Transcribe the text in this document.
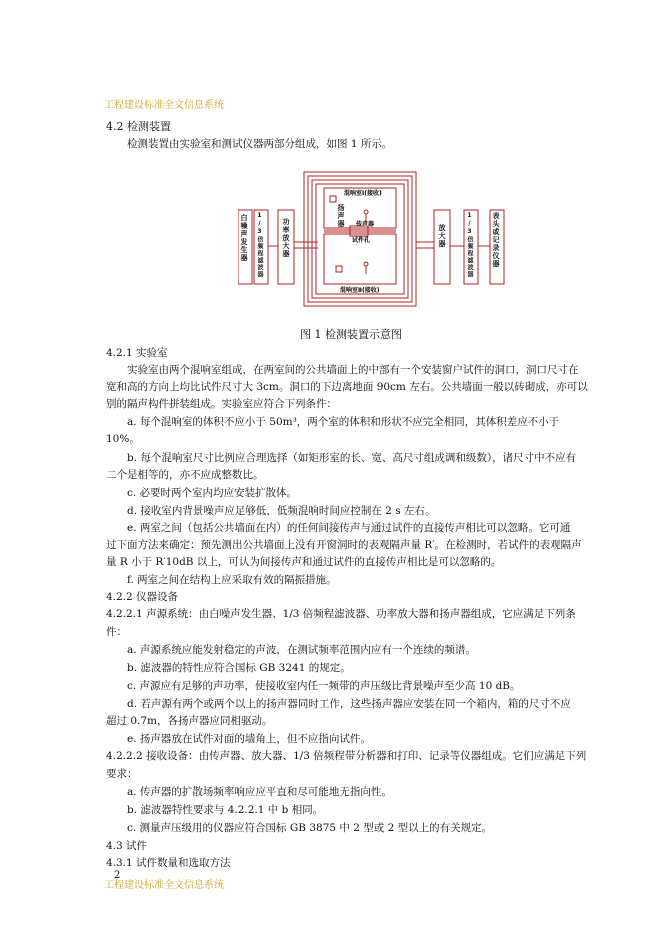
工程建设标准全文信息系统
工程建设标准全文信息系统
2
4.2 检测装置
检测装置由实验室和测试仪器两部分组成，如图 1 所示。
混响室Ⅰ(接收)
混响室Ⅱ(接收)
传声器
试件孔
白噪声发生器 1/3倍频程滤波器	功率放大器	放大器	1/3倍频程滤波器	表头或记录仪器
扬声器
图 1 检测装置示意图
4.2.1 实验室
实验室由两个混响室组成，在两室间的公共墙面上的中部有一个安装窗户试件的洞口，洞口尺寸在
宽和高的方向上均比试件尺寸大 3cm。洞口的下边离地面 90cm 左右。公共墙面一般以砖砌成，亦可以
别的隔声构件拼装组成。实验室应符合下列条件：
a. 每个混响室的体积不应小于 50m³，两个室的体积和形状不应完全相同，其体积差应不小于
10%。
b. 每个混响室尺寸比例应合理选择（如矩形室的长、宽、高尺寸组成调和级数），诸尺寸中不应有
二个是相等的，亦不应成整数比。
c. 必要时两个室内均应安装扩散体。
d. 接收室内背景噪声应足够低，低频混响时间应控制在 2 s 左右。
e. 两室之间（包括公共墙面在内）的任何间接传声与通过试件的直接传声相比可以忽略。它可通
过下面方法来确定：预先测出公共墙面上没有开窗洞时的表观隔声量 R′。在检测时，若试件的表观隔声
量 R 小于 R′10dB 以上，可认为间接传声和通过试件的直接传声相比是可以忽略的。
f. 两室之间在结构上应采取有效的隔振措施。
4.2.2 仪器设备
4.2.2.1 声源系统：由白噪声发生器、1/3 倍频程滤波器、功率放大器和扬声器组成，它应满足下列条
件：
a. 声源系统应能发射稳定的声波，在测试频率范围内应有一个连续的频谱。
b. 滤波器的特性应符合国标 GB 3241 的规定。
c. 声源应有足够的声功率，使接收室内任一频带的声压级比背景噪声至少高 10 dB。
d. 若声源有两个或两个以上的扬声器同时工作，这些扬声器应安装在同一个箱内，箱的尺寸不应
超过 0.7m，各扬声器应同相驱动。
e. 扬声器放在试件对面的墙角上，但不应指向试件。
4.2.2.2 接收设备：由传声器、放大器、1/3 倍频程带分析器和打印、记录等仪器组成。它们应满足下列
要求：
a. 传声器的扩散场频率响应应平直和尽可能地无指向性。
b. 滤波器特性要求与 4.2.2.1 中 b 相同。
c. 测量声压级用的仪器应符合国标 GB 3875 中 2 型或 2 型以上的有关规定。
4.3 试件
4.3.1 试件数量和选取方法
